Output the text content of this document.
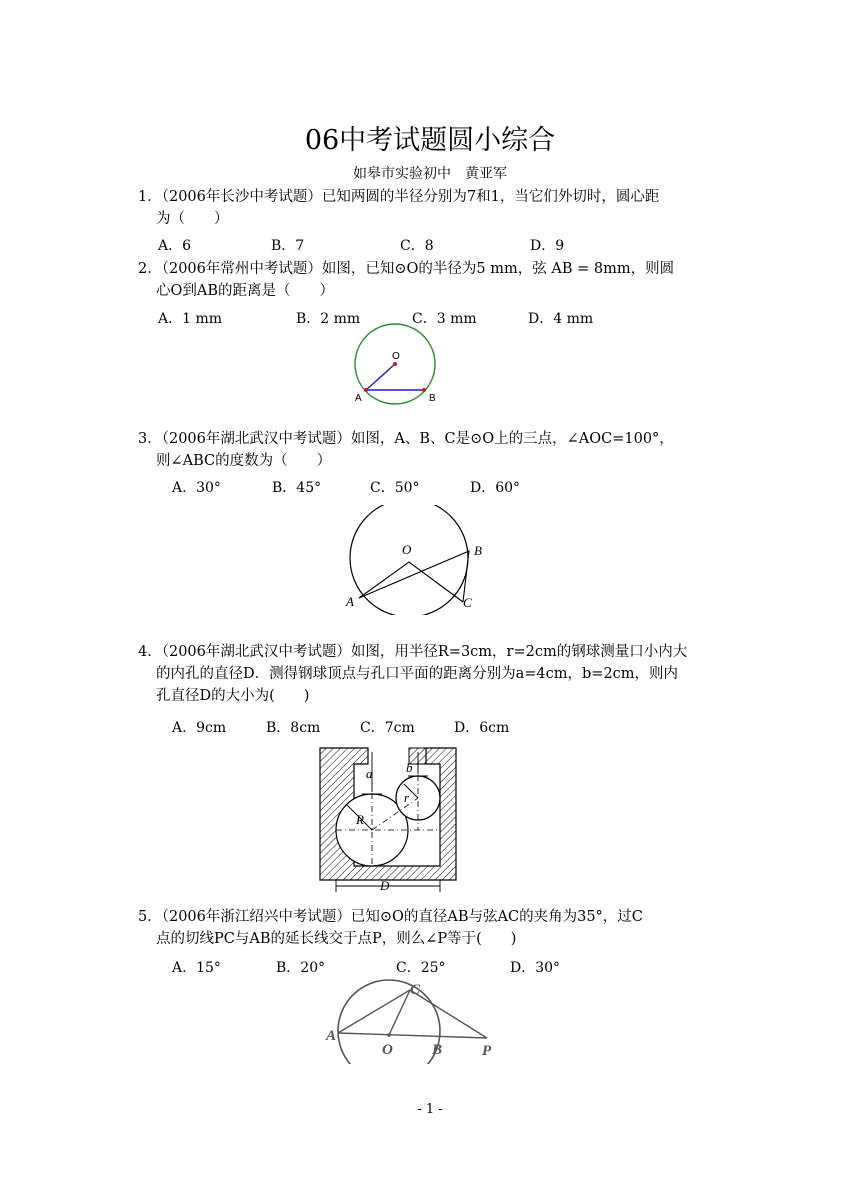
06中考试题圆小综合
如皋市实验初中　黄亚军
1．（2006年长沙中考试题）已知两圆的半径分别为7和1，当它们外切时，圆心距
为（　　）
A．6	B．7	C．8	D．9
2．（2006年常州中考试题）如图，已知⊙O的半径为5 mm，弦 AB = 8mm，则圆
心O到AB的距离是（　　）
A．1 mm	B．2 mm	C．3 mm	D．4 mm
O
A	B
3．（2006年湖北武汉中考试题）如图，A、B、C是⊙O上的三点，∠AOC=100°，
则∠ABC的度数为（　　）
A．30°	B．45°	C．50°	D．60°
O	B
A	C
4．（2006年湖北武汉中考试题）如图，用半径R=3cm，r=2cm的钢球测量口小内大
的内孔的直径D．测得钢球顶点与孔口平面的距离分别为a=4cm，b=2cm，则内
孔直径D的大小为(　　)
A．9cm	B．8cm	C．7cm	D．6cm
a	b
r
R
D
5．（2006年浙江绍兴中考试题）已知⊙O的直径AB与弦AC的夹角为35°，过C
点的切线PC与AB的延长线交于点P，则么∠P等于(　　)
A．15°	B．20°	C．25°	D．30°
C
A
O	B	P
- 1 -
